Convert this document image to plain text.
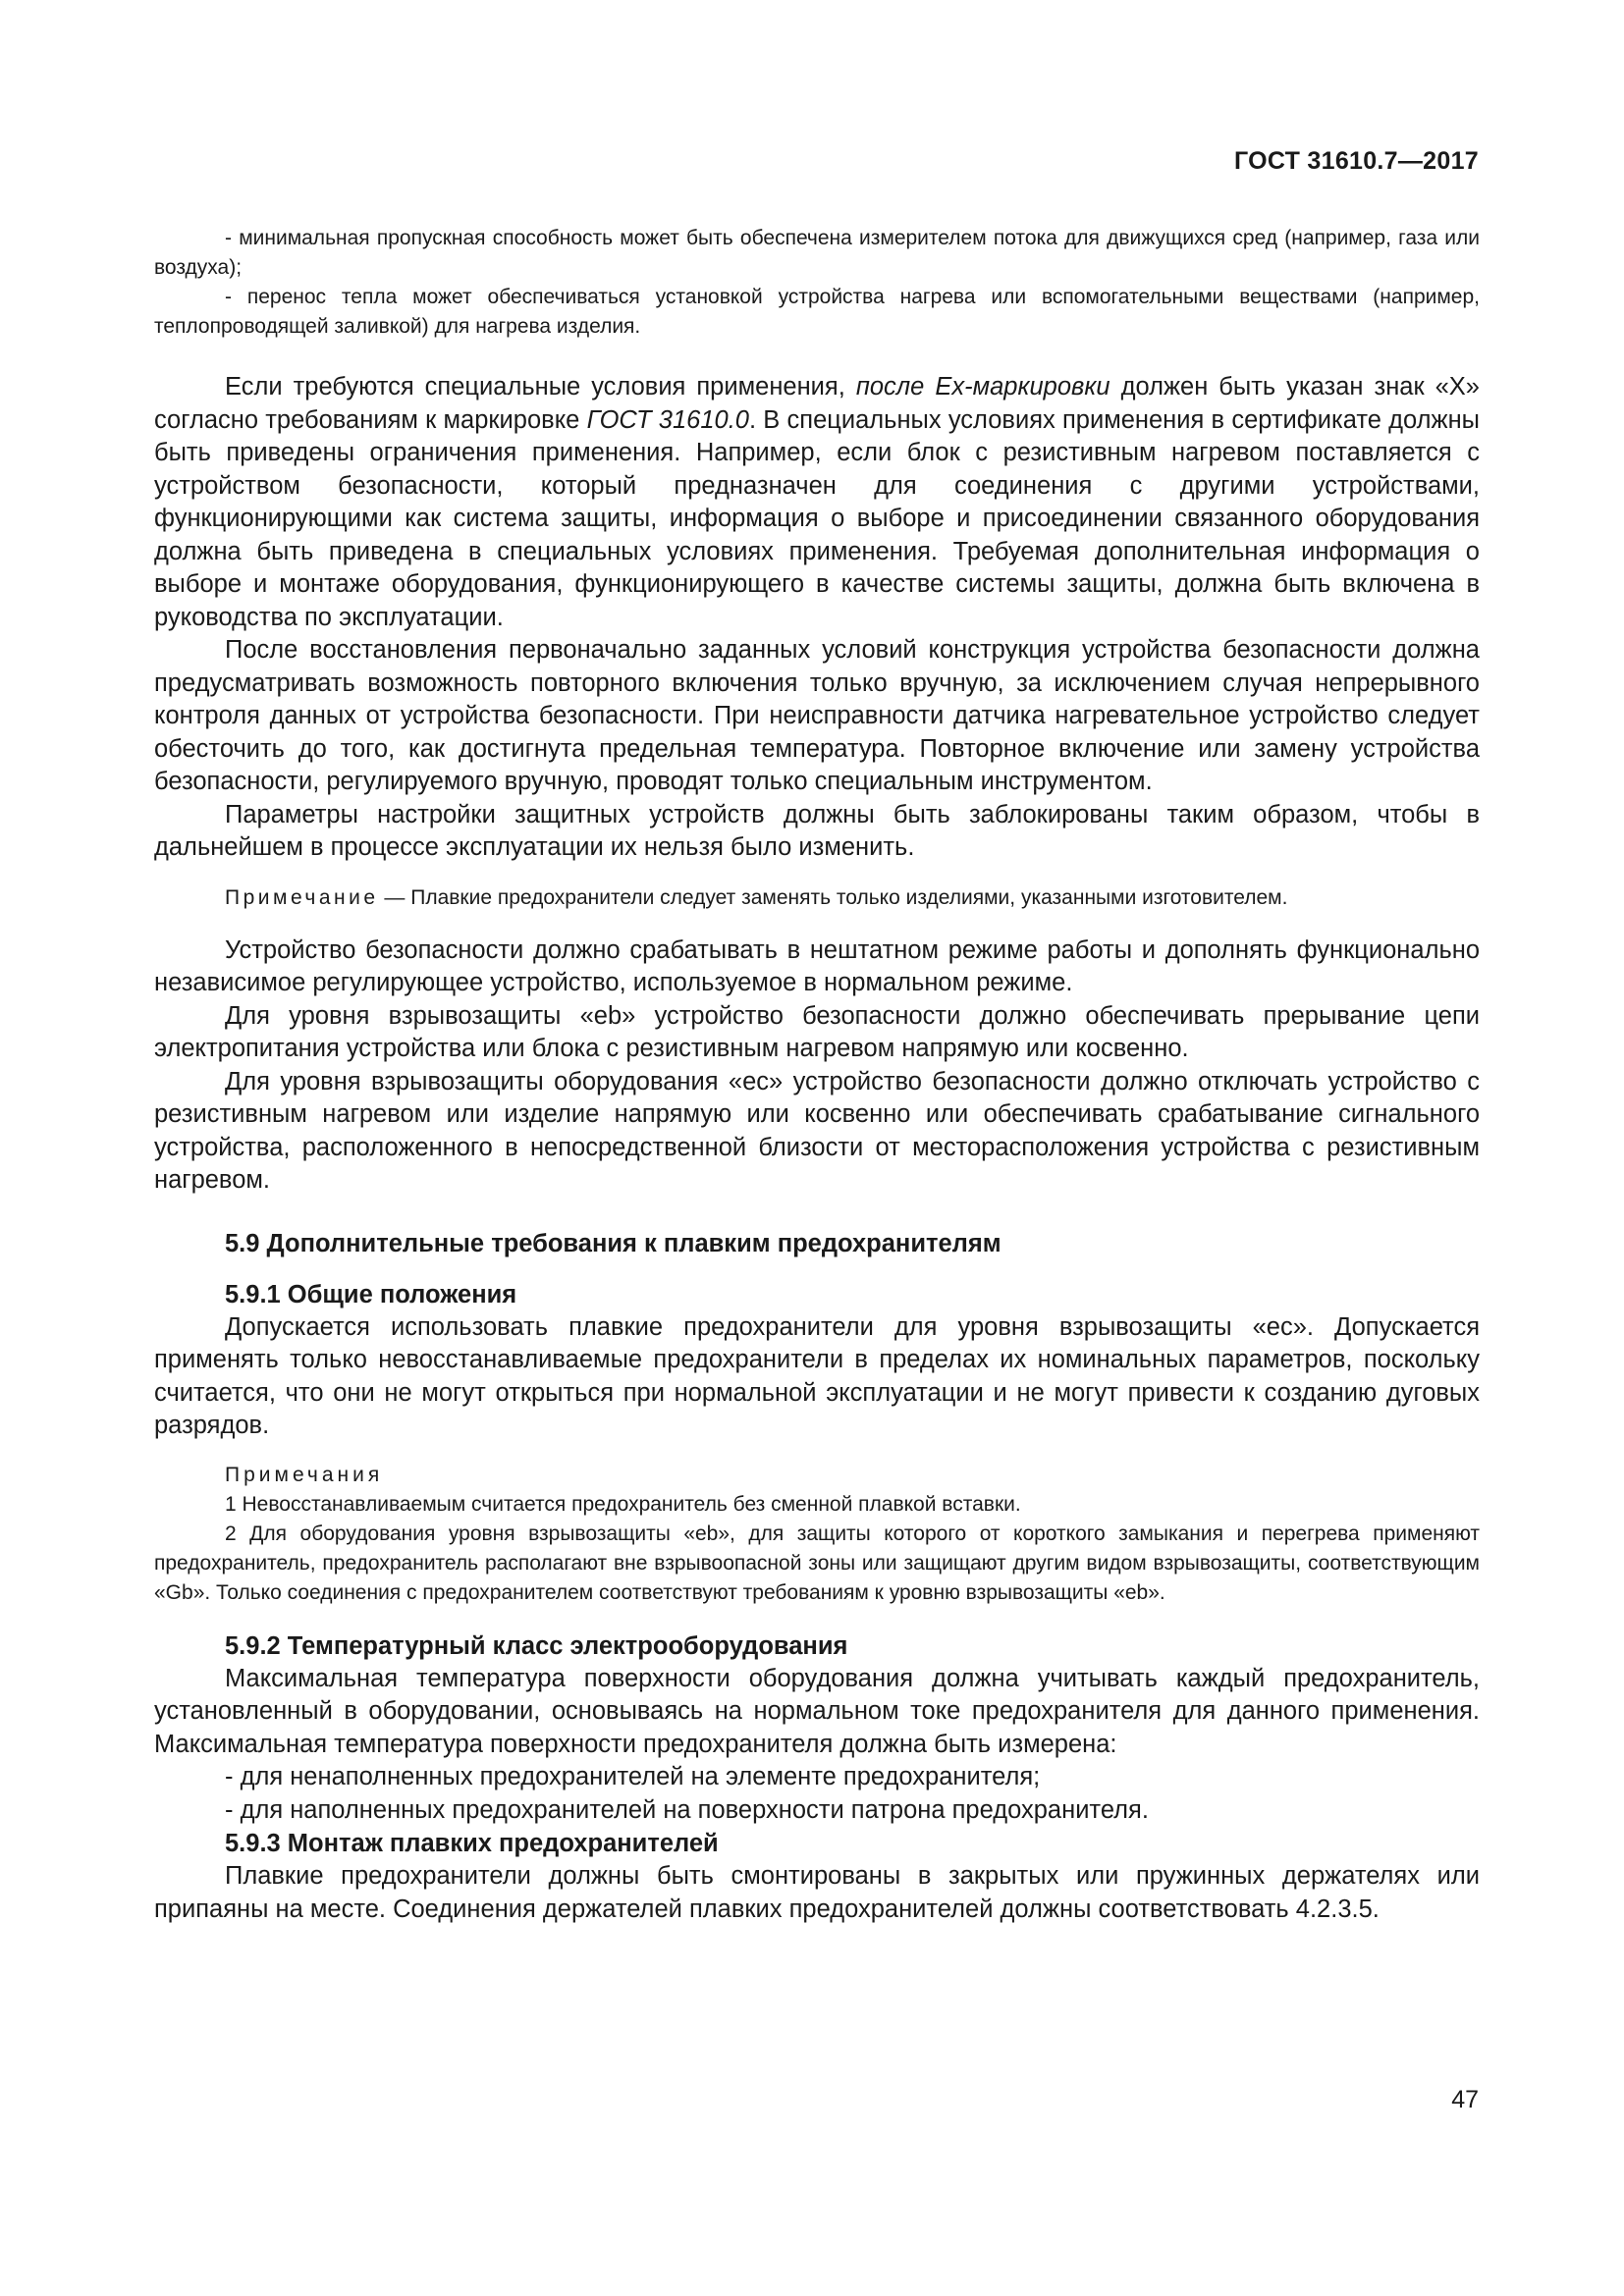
ГОСТ 31610.7—2017

- минимальная пропускная способность может быть обеспечена измерителем потока для движущихся сред (например, газа или воздуха);

- перенос тепла может обеспечиваться установкой устройства нагрева или вспомогательными веществами (например, теплопроводящей заливкой) для нагрева изделия.

Если требуются специальные условия применения, после Ex-маркировки должен быть указан знак «Х» согласно требованиям к маркировке ГОСТ 31610.0. В специальных условиях применения в сертификате должны быть приведены ограничения применения. Например, если блок с резистивным нагревом поставляется с устройством безопасности, который предназначен для соединения с другими устройствами, функционирующими как система защиты, информация о выборе и присоединении связанного оборудования должна быть приведена в специальных условиях применения. Требуемая дополнительная информация о выборе и монтаже оборудования, функционирующего в качестве системы защиты, должна быть включена в руководства по эксплуатации.

После восстановления первоначально заданных условий конструкция устройства безопасности должна предусматривать возможность повторного включения только вручную, за исключением случая непрерывного контроля данных от устройства безопасности. При неисправности датчика нагревательное устройство следует обесточить до того, как достигнута предельная температура. Повторное включение или замену устройства безопасности, регулируемого вручную, проводят только специальным инструментом.

Параметры настройки защитных устройств должны быть заблокированы таким образом, чтобы в дальнейшем в процессе эксплуатации их нельзя было изменить.

Примечание — Плавкие предохранители следует заменять только изделиями, указанными изготовителем.

Устройство безопасности должно срабатывать в нештатном режиме работы и дополнять функционально независимое регулирующее устройство, используемое в нормальном режиме.

Для уровня взрывозащиты «eb» устройство безопасности должно обеспечивать прерывание цепи электропитания устройства или блока с резистивным нагревом напрямую или косвенно.

Для уровня взрывозащиты оборудования «ec» устройство безопасности должно отключать устройство с резистивным нагревом или изделие напрямую или косвенно или обеспечивать срабатывание сигнального устройства, расположенного в непосредственной близости от месторасположения устройства с резистивным нагревом.

5.9 Дополнительные требования к плавким предохранителям

5.9.1 Общие положения

Допускается использовать плавкие предохранители для уровня взрывозащиты «ec». Допускается применять только невосстанавливаемые предохранители в пределах их номинальных параметров, поскольку считается, что они не могут открыться при нормальной эксплуатации и не могут привести к созданию дуговых разрядов.

Примечания

1 Невосстанавливаемым считается предохранитель без сменной плавкой вставки.

2 Для оборудования уровня взрывозащиты «eb», для защиты которого от короткого замыкания и перегрева применяют предохранитель, предохранитель располагают вне взрывоопасной зоны или защищают другим видом взрывозащиты, соответствующим «Gb». Только соединения с предохранителем соответствуют требованиям к уровню взрывозащиты «eb».

5.9.2 Температурный класс электрооборудования

Максимальная температура поверхности оборудования должна учитывать каждый предохранитель, установленный в оборудовании, основываясь на нормальном токе предохранителя для данного применения. Максимальная температура поверхности предохранителя должна быть измерена:

- для ненаполненных предохранителей на элементе предохранителя;

- для наполненных предохранителей на поверхности патрона предохранителя.

5.9.3 Монтаж плавких предохранителей

Плавкие предохранители должны быть смонтированы в закрытых или пружинных держателях или припаяны на месте. Соединения держателей плавких предохранителей должны соответствовать 4.2.3.5.

47
